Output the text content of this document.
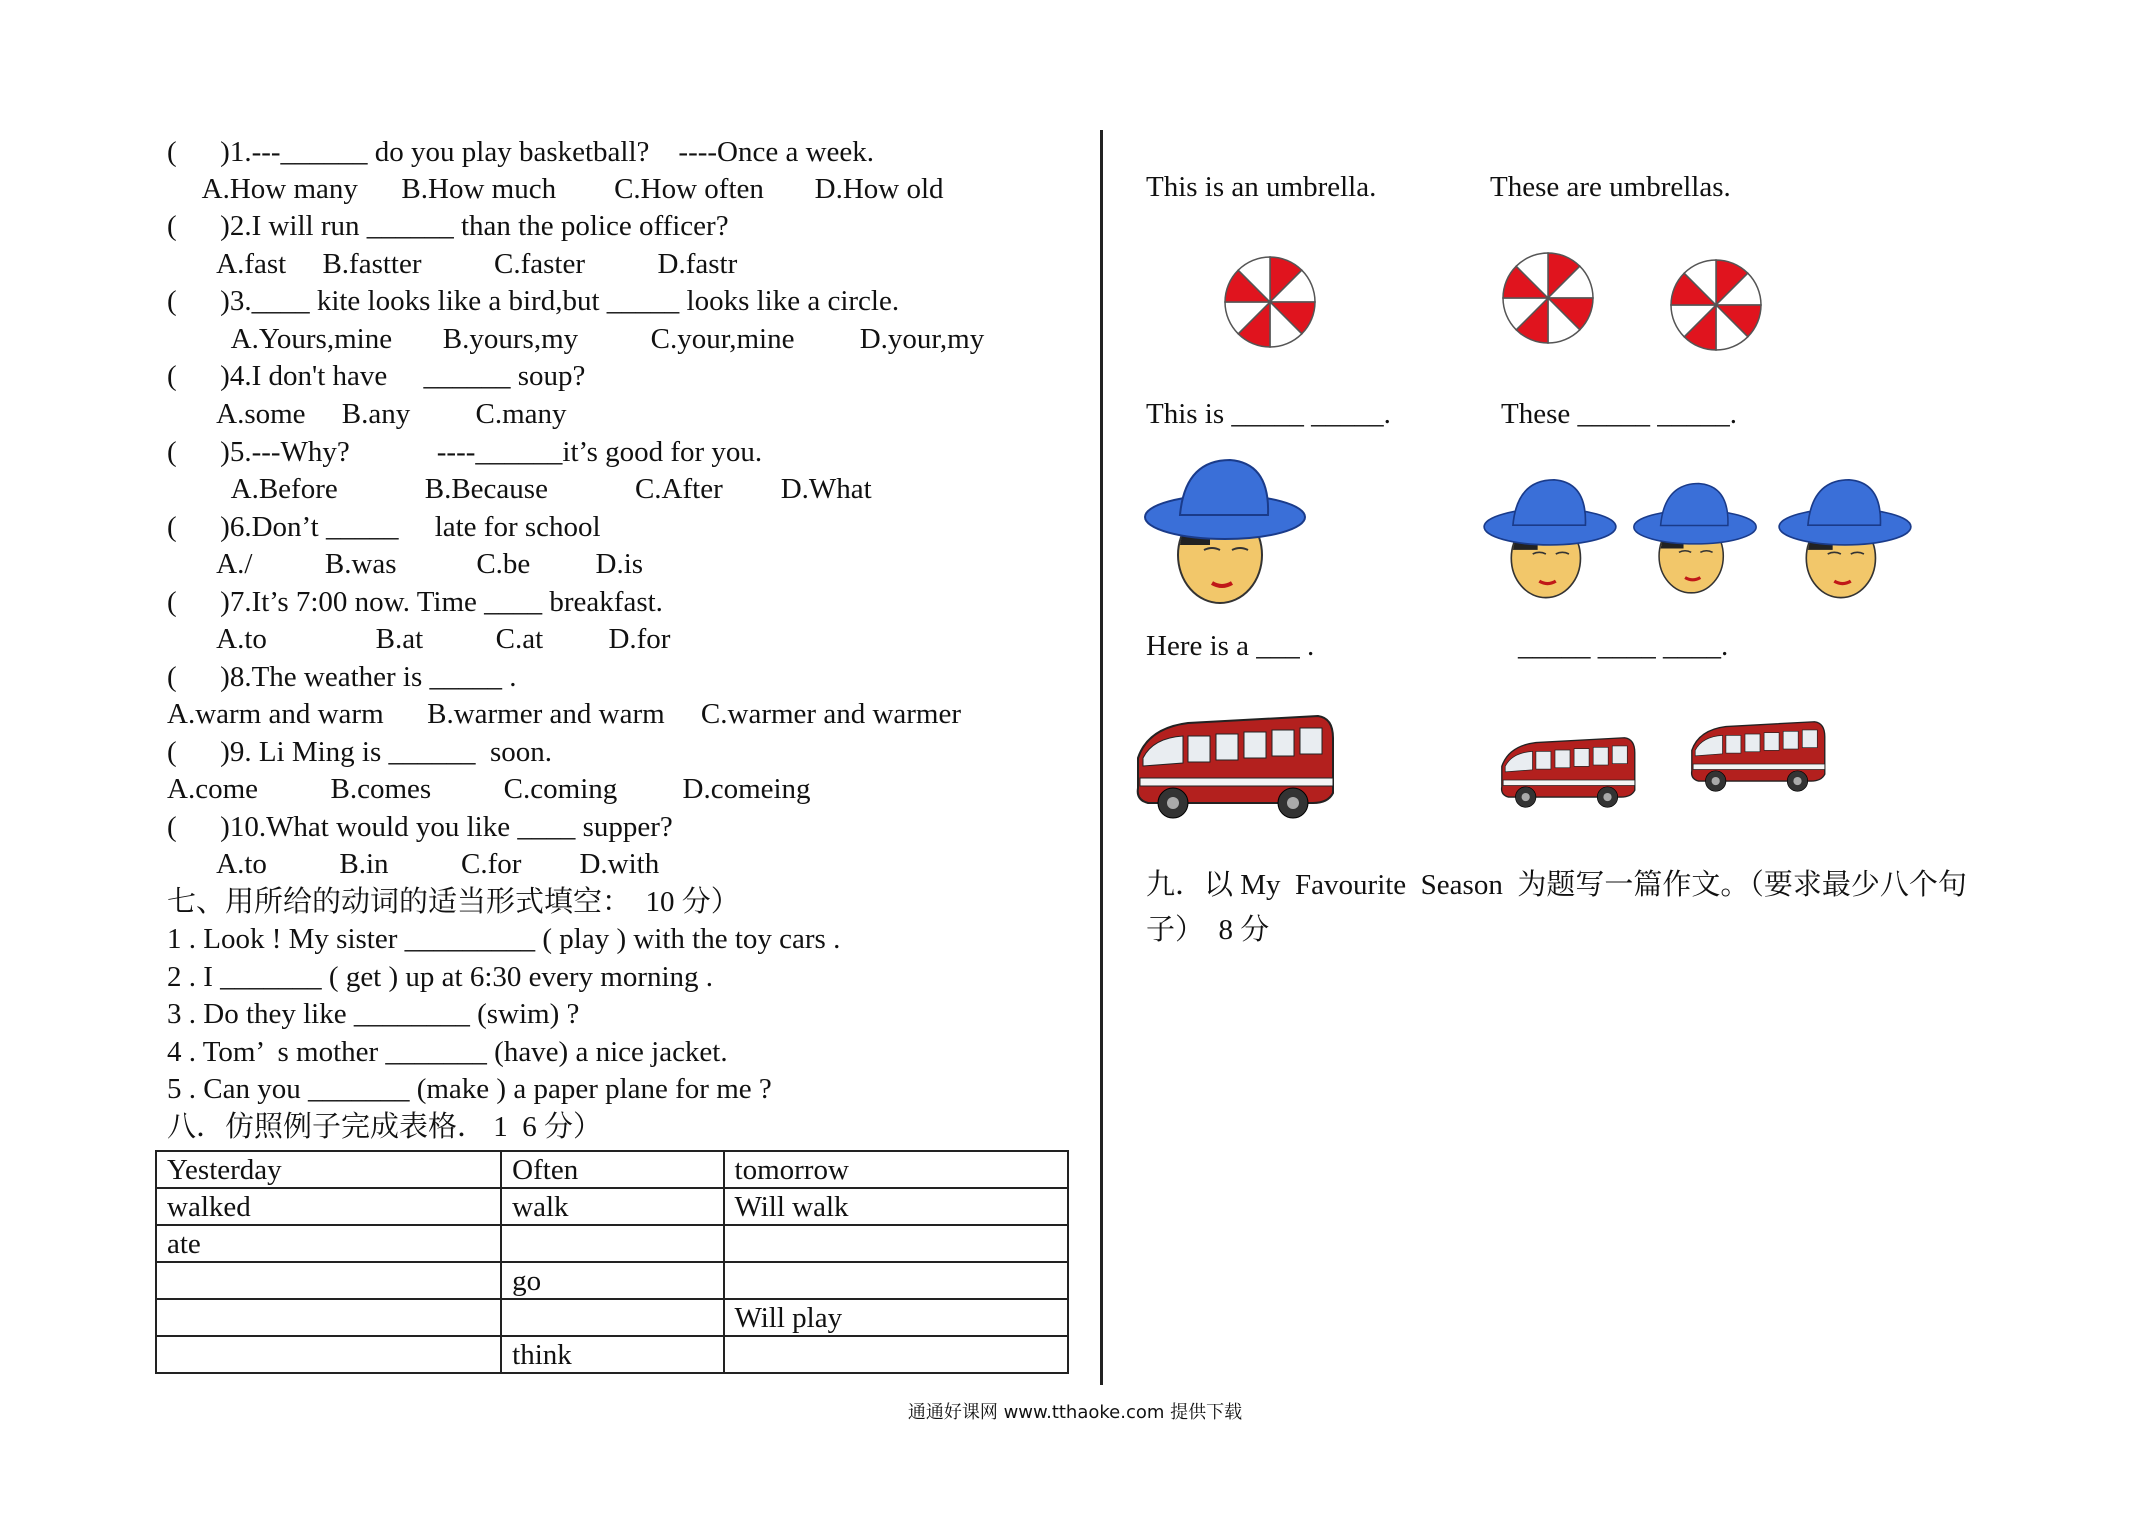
(      )1.---______ do you play basketball?    ----Once a week.
A.How many      B.How much        C.How often       D.How old
(      )2.I will run ______ than the police officer?
A.fast     B.fastter          C.faster          D.fastr
(      )3.____ kite looks like a bird,but _____ looks like a circle.
A.Yours,mine       B.yours,my          C.your,mine         D.your,my
(      )4.I don't have     ______ soup?
A.some     B.any         C.many
(      )5.---Why?            ----______it’s good for you.
A.Before            B.Because            C.After        D.What
(      )6.Don’t _____     late for school
A./          B.was           C.be         D.is
(      )7.It’s 7:00 now. Time ____ breakfast.
A.to               B.at          C.at         D.for
(      )8.The weather is _____ .
A.warm and warm      B.warmer and warm     C.warmer and warmer
(      )9. Li Ming is ______  soon.
A.come          B.comes          C.coming         D.comeing
(      )10.What would you like ____ supper?
A.to          B.in          C.for        D.with
七、用所给的动词的适当形式填空：  10 分）
1 . Look ! My sister _________ ( play ) with the toy cars .
2 . I _______ ( get ) up at 6:30 every morning .
3 . Do they like ________ (swim) ?
4 . Tom’  s mother _______ (have) a nice jacket.
5 . Can you _______ (make ) a paper plane for me ?
八．仿照例子完成表格． 1  6 分）
Yesterday	Often	tomorrow
walked	walk	Will walk
ate		
	go	
		Will play
	think	
This is an umbrella.	These are umbrellas.
This is _____ _____.	These _____ _____.
Here is a ___ .	_____ ____ ____.
九．以 My  Favourite  Season  为题写一篇作文。（要求最少八个句
子）  8 分
通通好课网 www.tthaoke.com 提供下载
